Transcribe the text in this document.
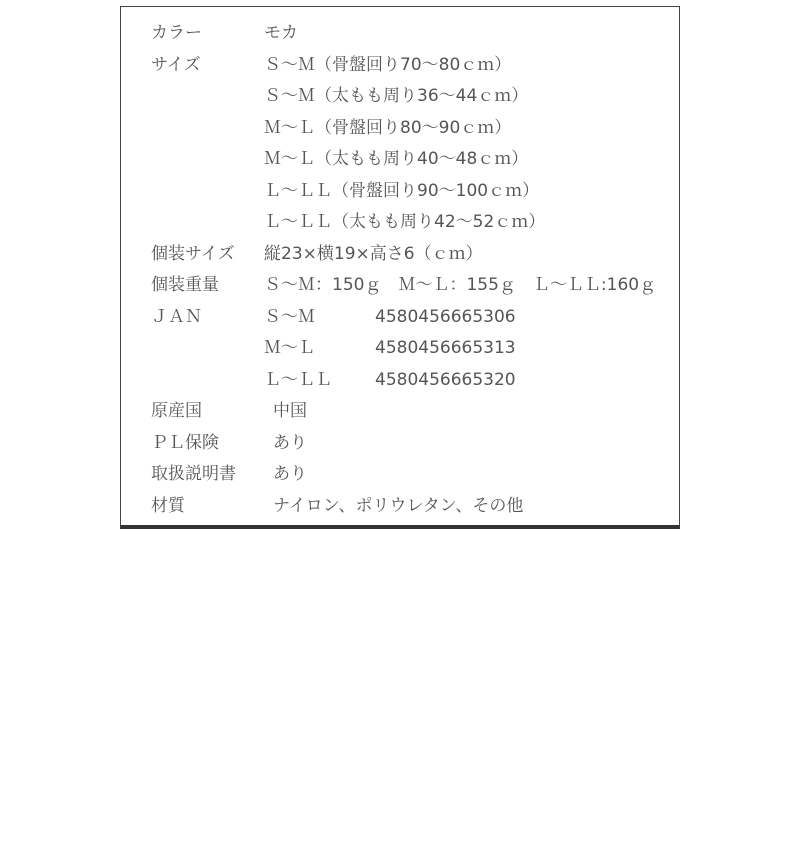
カラー	モカ
サイズ	Ｓ～Ｍ（骨盤回り70～80ｃｍ）
Ｓ～Ｍ（太もも周り36～44ｃｍ）
Ｍ～Ｌ（骨盤回り80～90ｃｍ）
Ｍ～Ｌ（太もも周り40～48ｃｍ）
Ｌ～ＬＬ（骨盤回り90～100ｃｍ）
Ｌ～ＬＬ（太もも周り42～52ｃｍ）
個装サイズ	縦23×横19×高さ6（ｃｍ）
個装重量	Ｓ～Ｍ：150ｇ　Ｍ～Ｌ：155ｇ　Ｌ～ＬＬ:160ｇ
ＪＡＮ	Ｓ～Ｍ	4580456665306
Ｍ～Ｌ	4580456665313
Ｌ～ＬＬ	4580456665320
原産国	中国
ＰＬ保険	あり
取扱説明書	あり
材質	ナイロン、ポリウレタン、その他
